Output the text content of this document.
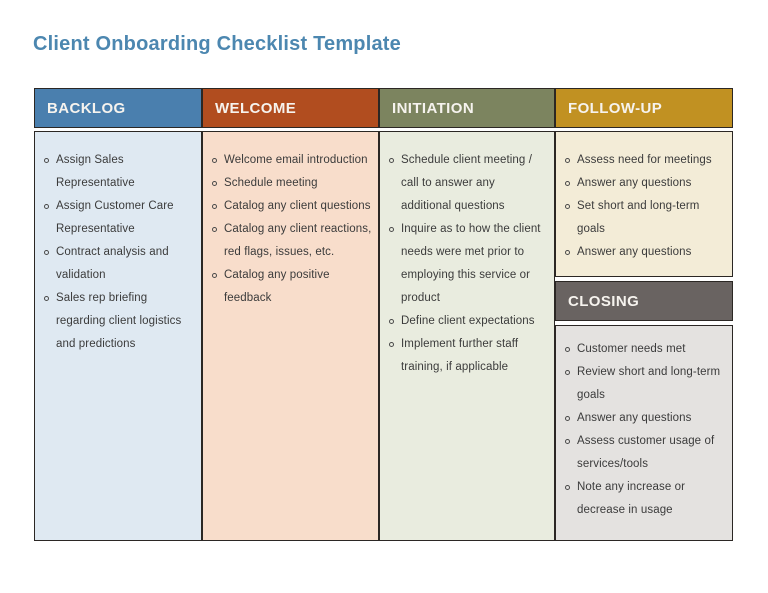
Client Onboarding Checklist Template
BACKLOG
Assign Sales Representative
Assign Customer Care Representative
Contract analysis and validation
Sales rep briefing regarding client logistics and predictions
WELCOME
Welcome email introduction
Schedule meeting
Catalog any client questions
Catalog any client reactions, red flags, issues, etc.
Catalog any positive feedback
INITIATION
Schedule client meeting / call to answer any additional questions
Inquire as to how the client needs were met prior to employing this service or product
Define client expectations
Implement further staff training, if applicable
FOLLOW-UP
Assess need for meetings
Answer any questions
Set short and long-term goals
Answer any questions
CLOSING
Customer needs met
Review short and long-term goals
Answer any questions
Assess customer usage of services/tools
Note any increase or decrease in usage
